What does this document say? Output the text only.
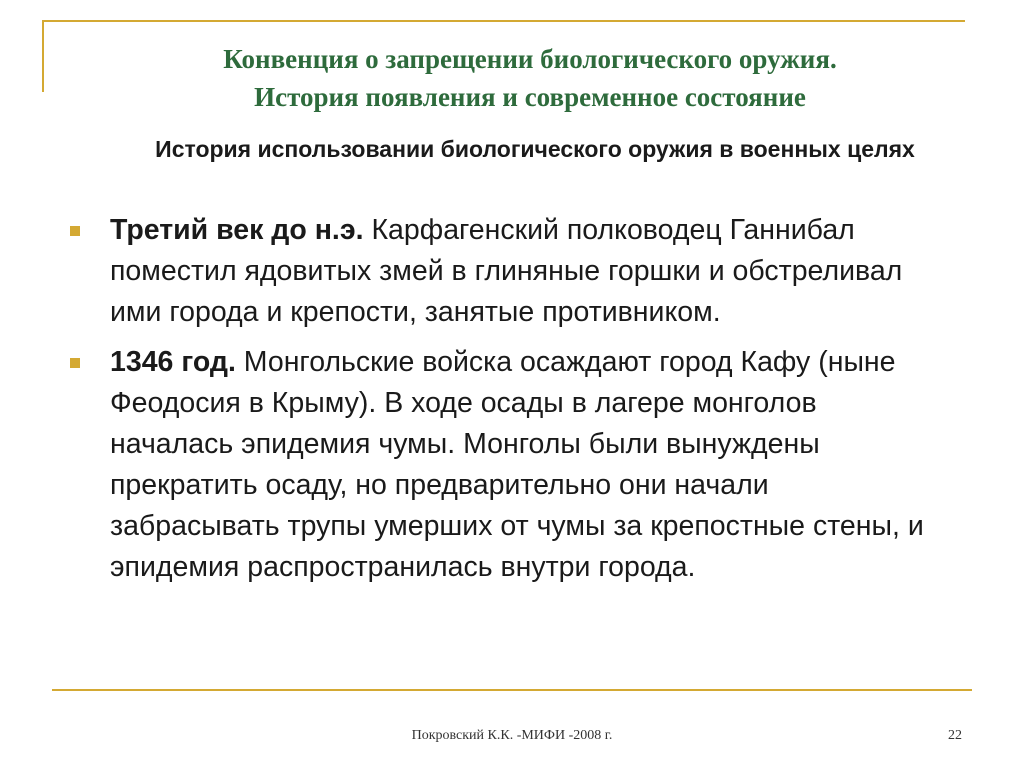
Конвенция о запрещении биологического оружия.
История появления и современное состояние
История использовании биологического оружия в военных целях
Третий век до н.э. Карфагенский полководец Ганнибал поместил ядовитых змей в глиняные горшки и обстреливал ими города и крепости, занятые противником.
1346 год. Монгольские войска осаждают город Кафу (ныне Феодосия в Крыму). В ходе осады в лагере монголов началась эпидемия чумы. Монголы были вынуждены прекратить осаду, но предварительно они начали забрасывать трупы умерших от чумы за крепостные стены, и эпидемия распространилась внутри города.
Покровский К.К. -МИФИ -2008 г.	22
